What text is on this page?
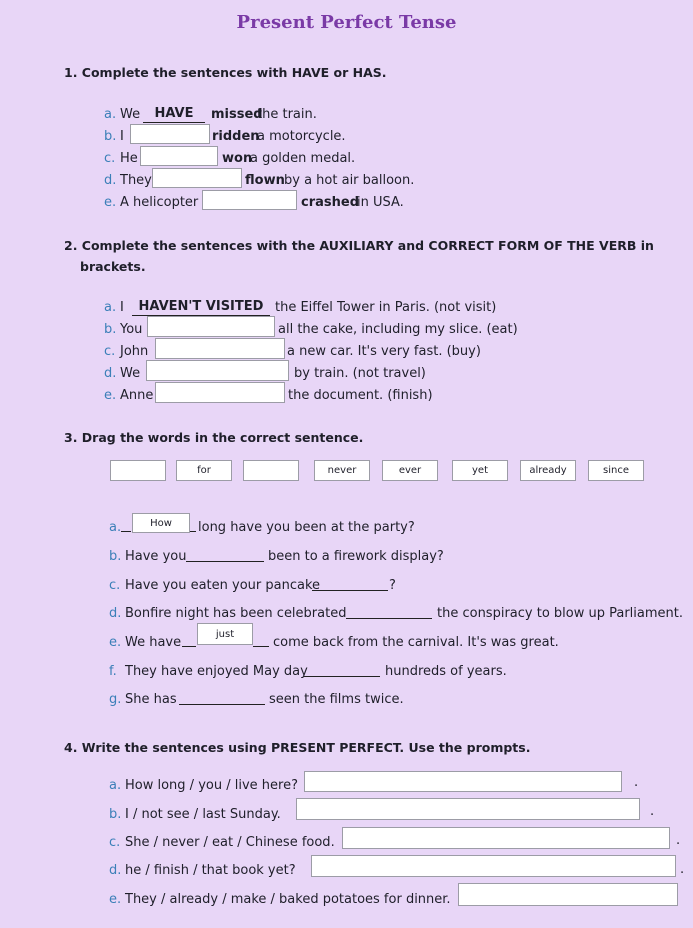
Present Perfect Tense
1. Complete the sentences with HAVE or HAS.
a. We	HAVE	missed
the train.
b. I	ridden
a motorcycle.
c. He	won
a golden medal.
d. They	flown by a hot air balloon.
e. A helicopter	crashed
in USA.
2. Complete the sentences with the AUXILIARY and CORRECT FORM OF THE VERB in
brackets.
a. I	HAVEN'T VISITED the Eiffel Tower in Paris. (not visit)
b. You	all the cake, including my slice. (eat)
c. John	a new car. It's very fast. (buy)
d. We	by train. (not travel)
e. Anne	the document. (finish)
3. Drag the words in the correct sentence.
for	never	ever	yet	already	since
a.	How	long have you been at the party?
b. Have you	been to a firework display?
c. Have you eaten your pancake	?
d. Bonfire night has been celebrated	the conspiracy to blow up Parliament.
e. We have
just
come back from the carnival. It's was great.
f. They have enjoyed May day	hundreds of years.
g. She has	seen the films twice.
4. Write the sentences using PRESENT PERFECT. Use the prompts.
a. How long / you / live here?	.
b. I / not see / last Sunday.	.
c. She / never / eat / Chinese food.	.
d. he / finish / that book yet?	.
e. They / already / make / baked potatoes for dinner.
